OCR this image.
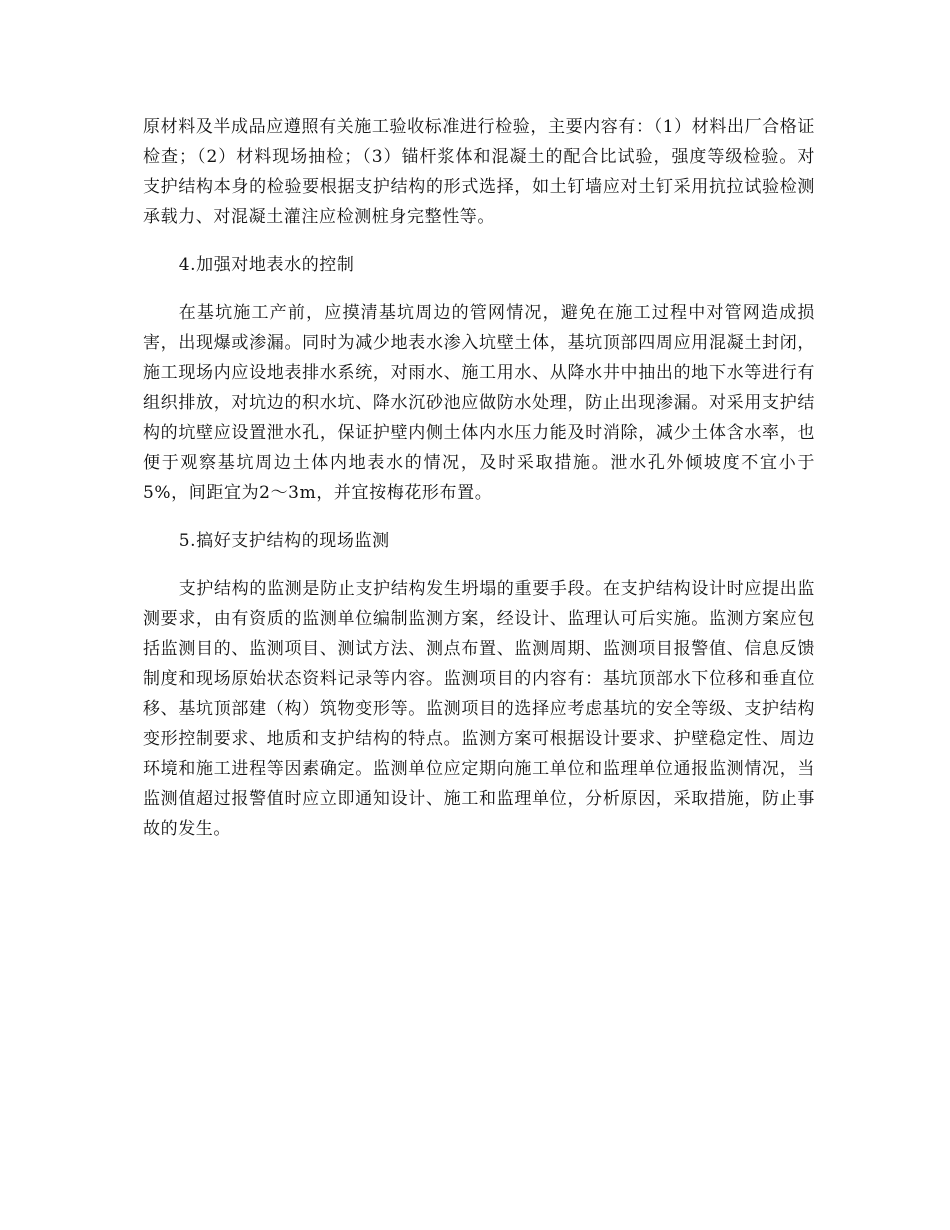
原材料及半成品应遵照有关施工验收标准进行检验，主要内容有：（1）材料出厂合格证检查；（2）材料现场抽检；（3）锚杆浆体和混凝土的配合比试验，强度等级检验。对支护结构本身的检验要根据支护结构的形式选择，如土钉墙应对土钉采用抗拉试验检测承载力、对混凝土灌注应检测桩身完整性等。

4.加强对地表水的控制

在基坑施工产前，应摸清基坑周边的管网情况，避免在施工过程中对管网造成损害，出现爆或渗漏。同时为减少地表水渗入坑壁土体，基坑顶部四周应用混凝土封闭，施工现场内应设地表排水系统，对雨水、施工用水、从降水井中抽出的地下水等进行有组织排放，对坑边的积水坑、降水沉砂池应做防水处理，防止出现渗漏。对采用支护结构的坑壁应设置泄水孔，保证护壁内侧土体内水压力能及时消除，减少土体含水率，也便于观察基坑周边土体内地表水的情况，及时采取措施。泄水孔外倾坡度不宜小于5%，间距宜为2～3m，并宜按梅花形布置。

5.搞好支护结构的现场监测

支护结构的监测是防止支护结构发生坍塌的重要手段。在支护结构设计时应提出监测要求，由有资质的监测单位编制监测方案，经设计、监理认可后实施。监测方案应包括监测目的、监测项目、测试方法、测点布置、监测周期、监测项目报警值、信息反馈制度和现场原始状态资料记录等内容。监测项目的内容有：基坑顶部水下位移和垂直位移、基坑顶部建（构）筑物变形等。监测项目的选择应考虑基坑的安全等级、支护结构变形控制要求、地质和支护结构的特点。监测方案可根据设计要求、护壁稳定性、周边环境和施工进程等因素确定。监测单位应定期向施工单位和监理单位通报监测情况，当监测值超过报警值时应立即通知设计、施工和监理单位，分析原因，采取措施，防止事故的发生。
